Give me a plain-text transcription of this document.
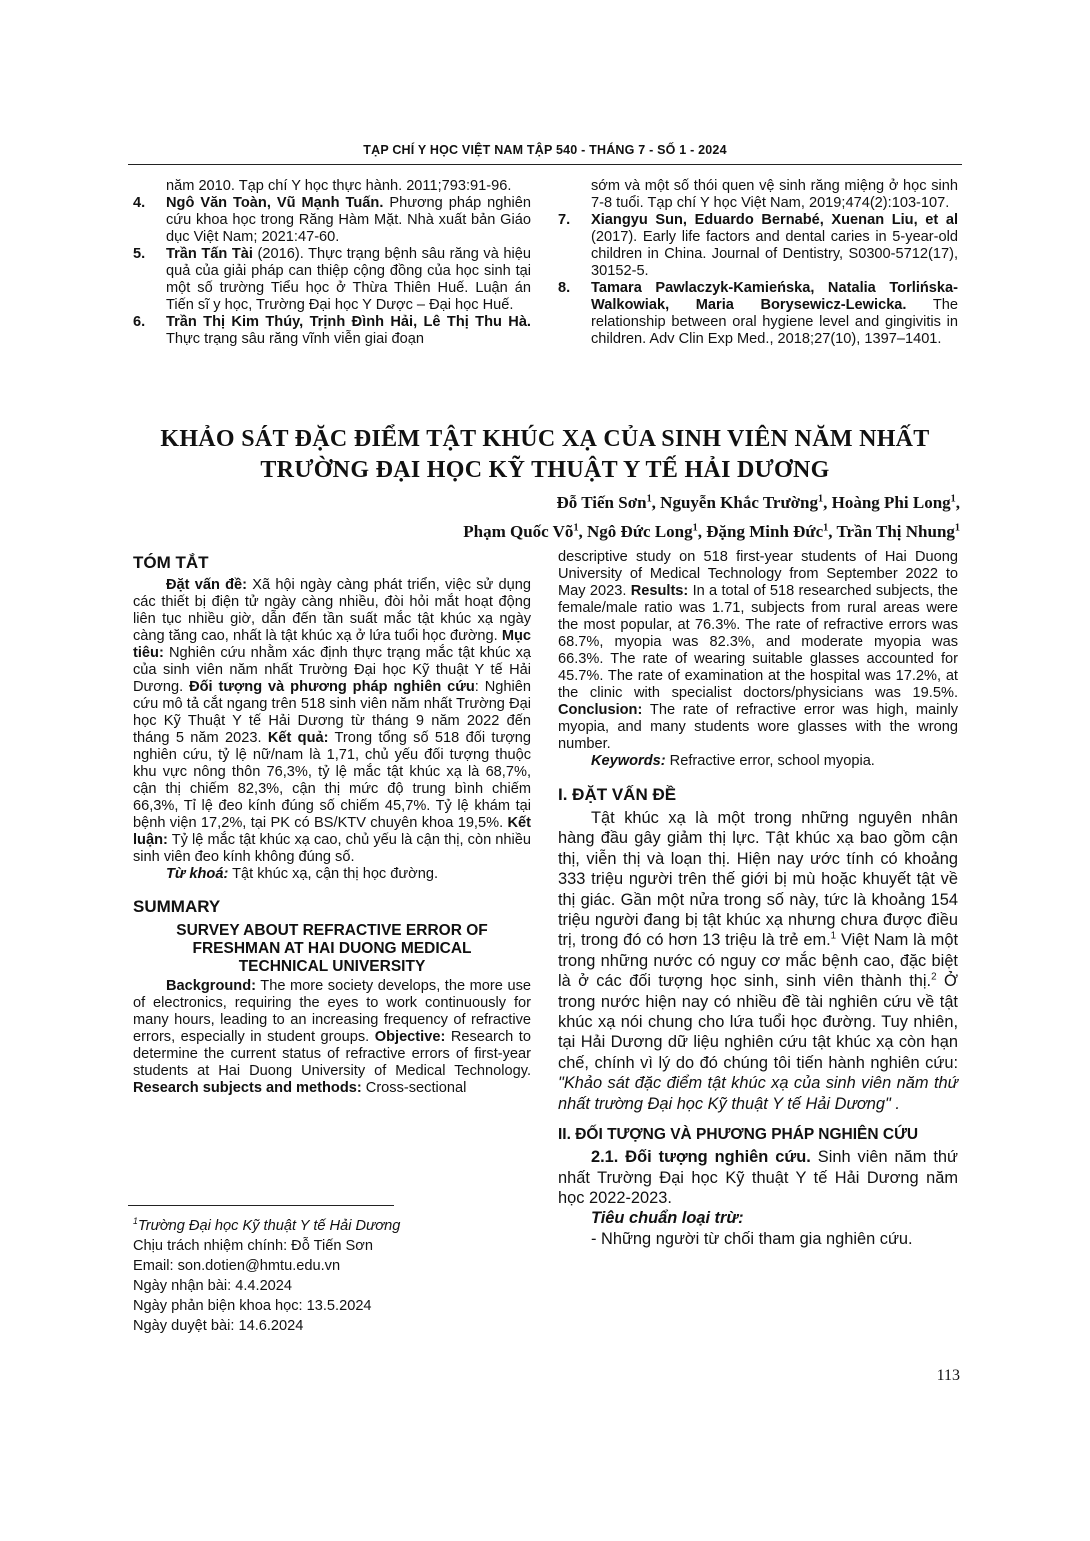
TẠP CHÍ Y HỌC VIỆT NAM TẬP 540 - THÁNG 7 - SỐ 1 - 2024

năm 2010. Tạp chí Y học thực hành. 2011;793:91-96.

4. Ngô Văn Toàn, Vũ Mạnh Tuấn. Phương pháp nghiên cứu khoa học trong Răng Hàm Mặt. Nhà xuất bản Giáo dục Việt Nam; 2021:47-60.

5. Trần Tấn Tài (2016). Thực trạng bệnh sâu răng và hiệu quả của giải pháp can thiệp cộng đồng của học sinh tại một số trường Tiểu học ở Thừa Thiên Huế. Luận án Tiến sĩ y học, Trường Đại học Y Dược – Đại học Huế.

6. Trần Thị Kim Thúy, Trịnh Đình Hải, Lê Thị Thu Hà. Thực trạng sâu răng vĩnh viễn giai đoạn

sớm và một số thói quen vệ sinh răng miệng ở học sinh 7-8 tuổi. Tạp chí Y học Việt Nam, 2019;474(2):103-107.

7. Xiangyu Sun, Eduardo Bernabé, Xuenan Liu, et al (2017). Early life factors and dental caries in 5-year-old children in China. Journal of Dentistry, S0300-5712(17), 30152-5.

8. Tamara Pawlaczyk-Kamieńska, Natalia Torlińska-Walkowiak, Maria Borysewicz-Lewicka. The relationship between oral hygiene level and gingivitis in children. Adv Clin Exp Med., 2018;27(10), 1397–1401.

KHẢO SÁT ĐẶC ĐIỂM TẬT KHÚC XẠ CỦA SINH VIÊN NĂM NHẤT
TRƯỜNG ĐẠI HỌC KỸ THUẬT Y TẾ HẢI DƯƠNG
Đỗ Tiến Sơn$^1$, Nguyễn Khắc Trường$^1$, Hoàng Phi Long$^1$,
Phạm Quốc $Võ^1$, Ngô Đức Long$^1$, Đặng Minh Đức$^1$, Trần Thị Nhung$^1$
TÓM TẮT

Đặt vấn đề: Xã hội ngày càng phát triển, việc sử dụng các thiết bị điện tử ngày càng nhiều, đòi hỏi mắt hoạt động liên tục nhiều giờ, dẫn đến tần suất mắc tật khúc xạ ngày càng tăng cao, nhất là tật khúc xạ ở lứa tuổi học đường. Mục tiêu: Nghiên cứu nhằm xác định thực trạng mắc tật khúc xạ của sinh viên năm nhất Trường Đại học Kỹ thuật Y tế Hải Dương. Đối tượng và phương pháp nghiên cứu: Nghiên cứu mô tả cắt ngang trên 518 sinh viên năm nhất Trường Đại học Kỹ Thuật Y tế Hải Dương từ tháng 9 năm 2022 đến tháng 5 năm 2023. Kết quả: Trong tổng số 518 đối tượng nghiên cứu, tỷ lệ nữ/nam là 1,71, chủ yếu đối tượng thuộc khu vực nông thôn 76,3%, tỷ lệ mắc tật khúc xạ là 68,7%, cận thị chiếm 82,3%, cận thị mức độ trung bình chiếm 66,3%, Tỉ lệ đeo kính đúng số chiếm 45,7%. Tỷ lệ khám tại bệnh viện 17,2%, tại PK có BS/KTV chuyên khoa 19,5%. Kết luận: Tỷ lệ mắc tật khúc xạ cao, chủ yếu là cận thị, còn nhiều sinh viên đeo kính không đúng số.

Từ khoá: Tật khúc xạ, cận thị học đường.

SUMMARY
SURVEY ABOUT REFRACTIVE ERROR OF FRESHMAN AT HAI DUONG MEDICAL TECHNICAL UNIVERSITY

Background: The more society develops, the more use of electronics, requiring the eyes to work continuously for many hours, leading to an increasing frequency of refractive errors, especially in student groups. Objective: Research to determine the current status of refractive errors of first-year students at Hai Duong University of Medical Technology. Research subjects and methods: Cross-sectional

$^1$Trường Đại học Kỹ thuật Y tế Hải Dương
Chịu trách nhiệm chính: Đỗ Tiến Sơn
Email: son.dotien@hmtu.edu.vn
Ngày nhận bài: 4.4.2024
Ngày phản biện khoa học: 13.5.2024
Ngày duyệt bài: 14.6.2024

descriptive study on 518 first-year students of Hai Duong University of Medical Technology from September 2022 to May 2023. Results: In a total of 518 researched subjects, the female/male ratio was 1.71, subjects from rural areas were the most popular, at 76.3%. The rate of refractive errors was 68.7%, myopia was 82.3%, and moderate myopia was 66.3%. The rate of wearing suitable glasses accounted for 45.7%. The rate of examination at the hospital was 17.2%, at the clinic with specialist doctors/physicians was 19.5%. Conclusion: The rate of refractive error was high, mainly myopia, and many students wore glasses with the wrong number.

Keywords: Refractive error, school myopia.

I. ĐẶT VẤN ĐỀ

Tật khúc xạ là một trong những nguyên nhân hàng đầu gây giảm thị lực. Tật khúc xạ bao gồm cận thị, viễn thị và loạn thị. Hiện nay ước tính có khoảng 333 triệu người trên thế giới bị mù hoặc khuyết tật về thị giác. Gần một nửa trong số này, tức là khoảng 154 triệu người đang bị tật khúc xạ nhưng chưa được điều trị, trong đó có hơn 13 triệu là trẻ em.$^1$ Việt Nam là một trong những nước có nguy cơ mắc bệnh cao, đặc biệt là ở các đối tượng học sinh, sinh viên thành thị.$^2$ Ở trong nước hiện nay có nhiều đề tài nghiên cứu về tật khúc xạ nói chung cho lứa tuổi học đường. Tuy nhiên, tại Hải Dương dữ liệu nghiên cứu tật khúc xạ còn hạn chế, chính vì lý do đó chúng tôi tiến hành nghiên cứu: "Khảo sát đặc điểm tật khúc xạ của sinh viên năm thứ nhất trường Đại học Kỹ thuật Y tế Hải Dương" .

II. ĐỐI TƯỢNG VÀ PHƯƠNG PHÁP NGHIÊN CỨU

2.1. Đối tượng nghiên cứu. Sinh viên năm thứ nhất Trường Đại học Kỹ thuật Y tế Hải Dương năm học 2022-2023.

Tiêu chuẩn loại trừ:

- Những người từ chối tham gia nghiên cứu.

113
